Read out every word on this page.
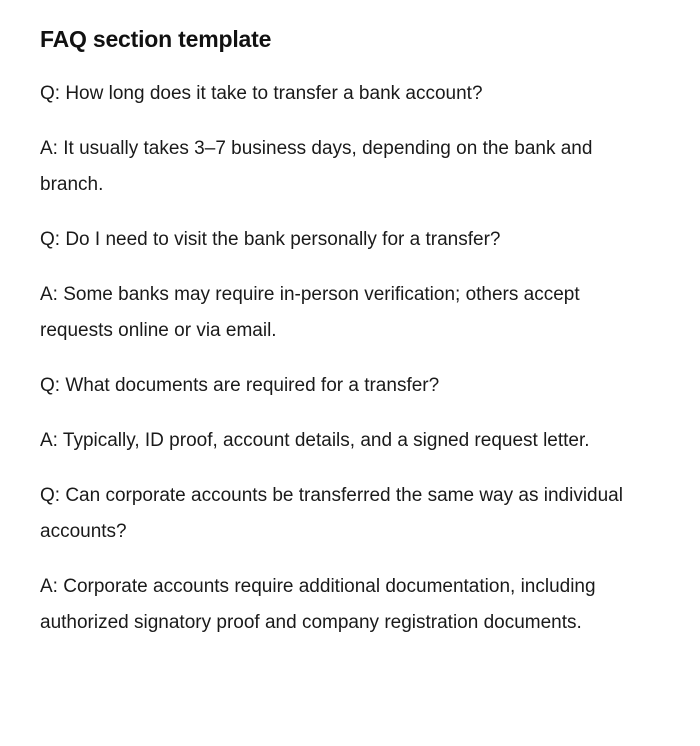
FAQ section template

Q: How long does it take to transfer a bank account?

A: It usually takes 3–7 business days, depending on the bank and branch.

Q: Do I need to visit the bank personally for a transfer?

A: Some banks may require in-person verification; others accept requests online or via email.

Q: What documents are required for a transfer?

A: Typically, ID proof, account details, and a signed request letter.

Q: Can corporate accounts be transferred the same way as individual accounts?

A: Corporate accounts require additional documentation, including authorized signatory proof and company registration documents.
